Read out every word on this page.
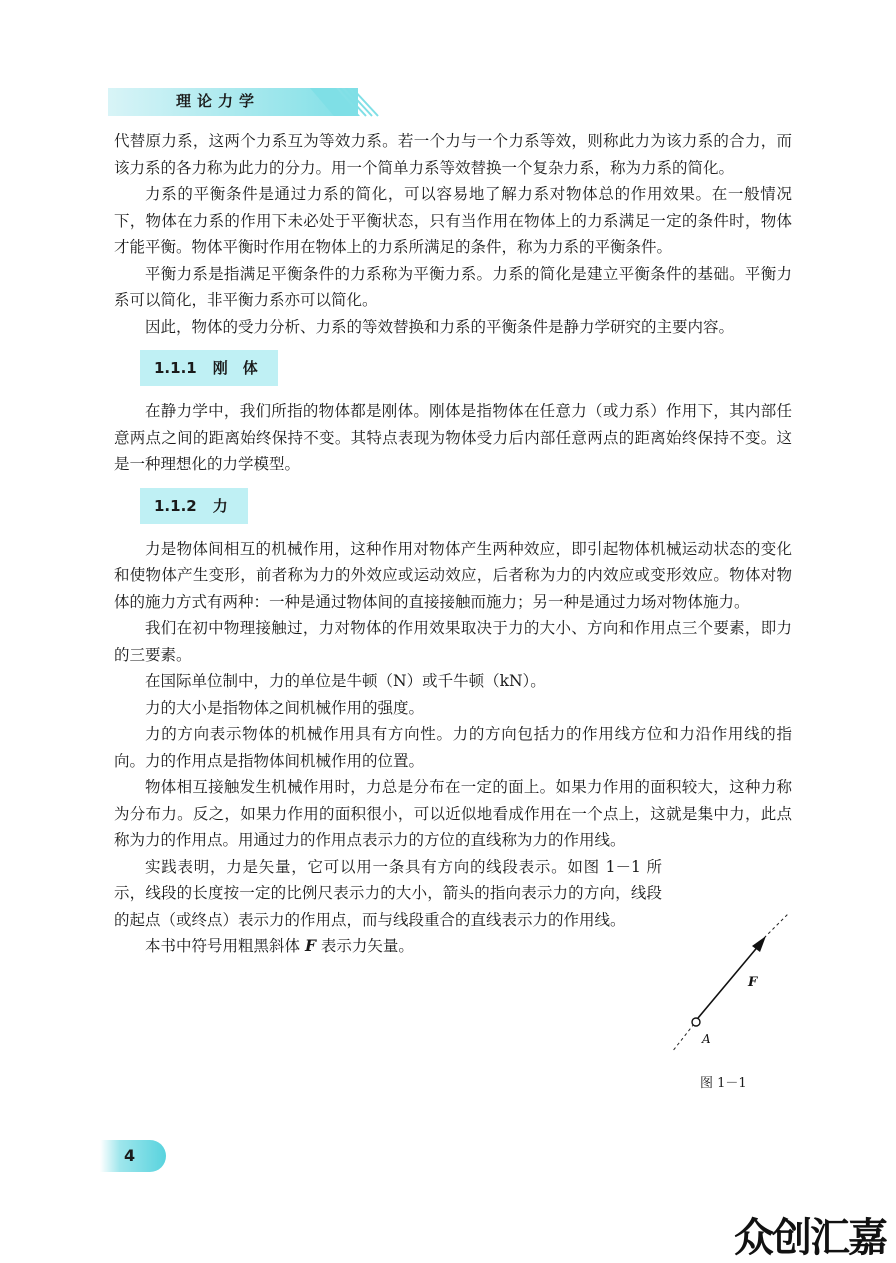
理论力学

代替原力系，这两个力系互为等效力系。若一个力与一个力系等效，则称此力为该力系的合力，而该力系的各力称为此力的分力。用一个简单力系等效替换一个复杂力系，称为力系的简化。

力系的平衡条件是通过力系的简化，可以容易地了解力系对物体总的作用效果。在一般情况下，物体在力系的作用下未必处于平衡状态，只有当作用在物体上的力系满足一定的条件时，物体才能平衡。物体平衡时作用在物体上的力系所满足的条件，称为力系的平衡条件。

平衡力系是指满足平衡条件的力系称为平衡力系。力系的简化是建立平衡条件的基础。平衡力系可以简化，非平衡力系亦可以简化。

因此，物体的受力分析、力系的等效替换和力系的平衡条件是静力学研究的主要内容。

1.1.1 刚　体

在静力学中，我们所指的物体都是刚体。刚体是指物体在任意力（或力系）作用下，其内部任意两点之间的距离始终保持不变。其特点表现为物体受力后内部任意两点的距离始终保持不变。这是一种理想化的力学模型。

1.1.2 力

力是物体间相互的机械作用，这种作用对物体产生两种效应，即引起物体机械运动状态的变化和使物体产生变形，前者称为力的外效应或运动效应，后者称为力的内效应或变形效应。物体对物体的施力方式有两种：一种是通过物体间的直接接触而施力；另一种是通过力场对物体施力。

我们在初中物理接触过，力对物体的作用效果取决于力的大小、方向和作用点三个要素，即力的三要素。

在国际单位制中，力的单位是牛顿（N）或千牛顿（kN）。

力的大小是指物体之间机械作用的强度。

力的方向表示物体的机械作用具有方向性。力的方向包括力的作用线方位和力沿作用线的指向。力的作用点是指物体间机械作用的位置。

物体相互接触发生机械作用时，力总是分布在一定的面上。如果力作用的面积较大，这种力称为分布力。反之，如果力作用的面积很小，可以近似地看成作用在一个点上，这就是集中力，此点称为力的作用点。用通过力的作用点表示力的方位的直线称为力的作用线。

实践表明，力是矢量，它可以用一条具有方向的线段表示。如图 1－1 所示，线段的长度按一定的比例尺表示力的大小，箭头的指向表示力的方向，线段的起点（或终点）表示力的作用点，而与线段重合的直线表示力的作用线。

本书中符号用粗黑斜体 F 表示力矢量。

F
A
图 1－1
4
众创汇嘉
